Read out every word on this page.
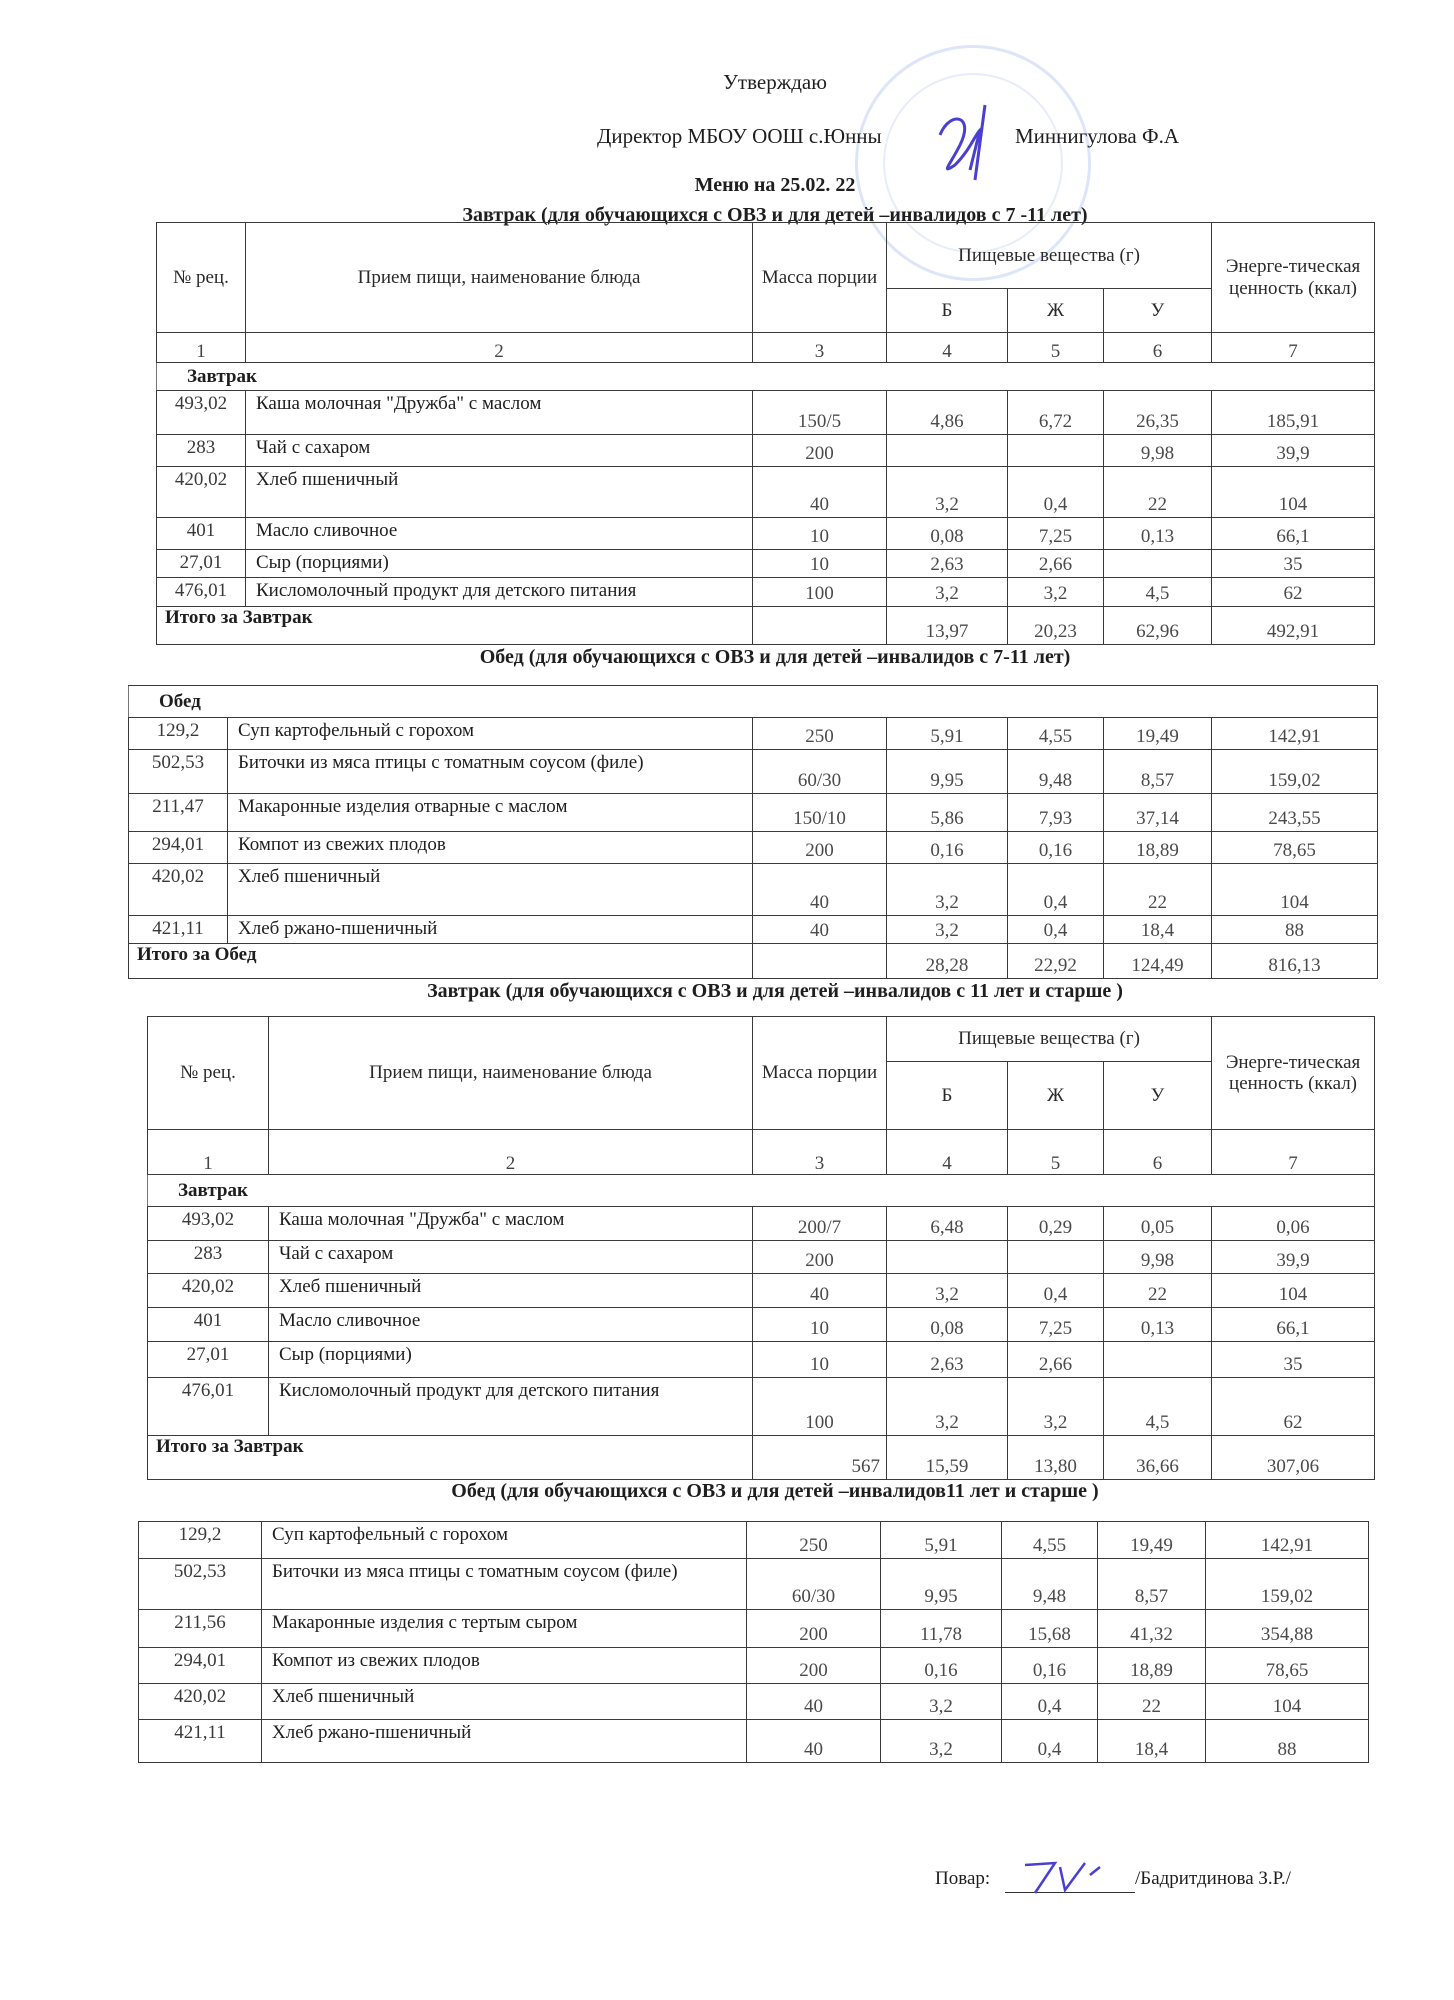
Утверждаю
Директор МБОУ ООШ с.Юнны	Миннигулова Ф.А
Меню на 25.02. 22
Завтрак (для обучающихся с ОВЗ и для детей –инвалидов с 7 -11 лет)
№ рец.	Прием пищи, наименование блюда	Масса порции	Пищевые вещества (г)			Энерге-тическая ценность (ккал)
			Б	Ж	У	
1	2	3	4	5	6	7
Завтрак						
493,02	Каша молочная "Дружба" с маслом	150/5	4,86	6,72	26,35	185,91
283	Чай с сахаром	200			9,98	39,9
420,02	Хлеб пшеничный	40	3,2	0,4	22	104
401	Масло сливочное	10	0,08	7,25	0,13	66,1
27,01	Сыр (порциями)	10	2,63	2,66		35
476,01	Кисломолочный продукт для детского питания	100	3,2	3,2	4,5	62
Итого за Завтрак			13,97	20,23	62,96	492,91
Обед (для обучающихся с ОВЗ и для детей –инвалидов с 7-11 лет)
Обед						
129,2	Суп картофельный с горохом	250	5,91	4,55	19,49	142,91
502,53	Биточки из мяса птицы с томатным соусом (филе)	60/30	9,95	9,48	8,57	159,02
211,47	Макаронные изделия отварные с маслом	150/10	5,86	7,93	37,14	243,55
294,01	Компот из свежих плодов	200	0,16	0,16	18,89	78,65
420,02	Хлеб пшеничный	40	3,2	0,4	22	104
421,11	Хлеб ржано-пшеничный	40	3,2	0,4	18,4	88
Итого за Обед			28,28	22,92	124,49	816,13
Завтрак (для обучающихся с ОВЗ и для детей –инвалидов с 11 лет и старше )
№ рец.	Прием пищи, наименование блюда	Масса порции	Пищевые вещества (г)			Энерге-тическая ценность (ккал)
			Б	Ж	У	
1	2	3	4	5	6	7
Завтрак						
493,02	Каша молочная "Дружба" с маслом	200/7	6,48	0,29	0,05	0,06
283	Чай с сахаром	200			9,98	39,9
420,02	Хлеб пшеничный	40	3,2	0,4	22	104
401	Масло сливочное	10	0,08	7,25	0,13	66,1
27,01	Сыр (порциями)	10	2,63	2,66		35
476,01	Кисломолочный продукт для детского питания	100	3,2	3,2	4,5	62
Итого за Завтрак		567	15,59	13,80	36,66	307,06
Обед (для обучающихся с ОВЗ и для детей –инвалидов11 лет и старше )
129,2	Суп картофельный с горохом	250	5,91	4,55	19,49	142,91
502,53	Биточки из мяса птицы с томатным соусом (филе)	60/30	9,95	9,48	8,57	159,02
211,56	Макаронные изделия с тертым сыром	200	11,78	15,68	41,32	354,88
294,01	Компот из свежих плодов	200	0,16	0,16	18,89	78,65
420,02	Хлеб пшеничный	40	3,2	0,4	22	104
421,11	Хлеб ржано-пшеничный	40	3,2	0,4	18,4	88
Повар:	/Бадритдинова З.Р./
